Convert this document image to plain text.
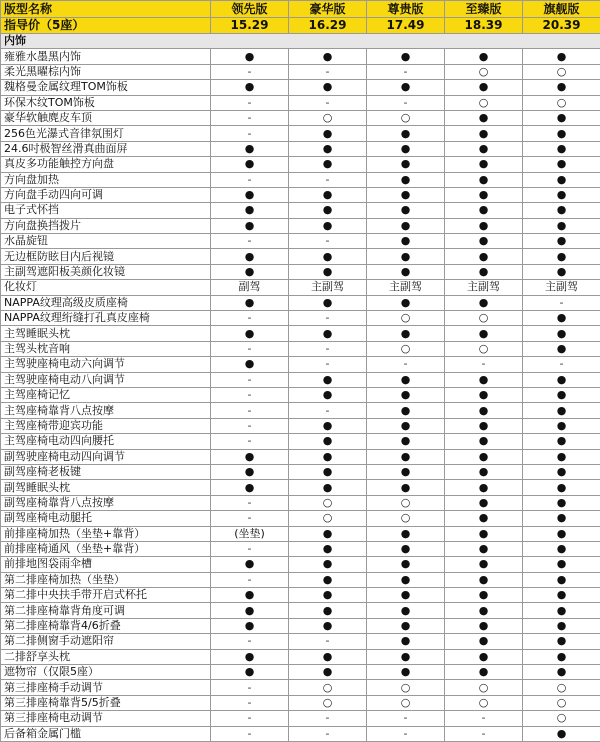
版型名称	领先版	豪华版	尊贵版	至臻版	旗舰版
指导价（5座）	15.29	16.29	17.49	18.39	20.39
内饰					
雍雅水墨黑内饰	●	●	●	●	●
柔光黑曜棕内饰	-	-	-	○	○
魏格曼金属纹理TOM饰板	●	●	●	●	●
环保木纹TOM饰板	-	-	-	○	○
豪华软触麂皮车顶	-	○	○	●	●
256色光瀑式音律氛围灯	-	●	●	●	●
24.6吋极智丝滑真曲面屏	●	●	●	●	●
真皮多功能触控方向盘	●	●	●	●	●
方向盘加热	-	-	●	●	●
方向盘手动四向可调	●	●	●	●	●
电子式怀挡	●	●	●	●	●
方向盘换挡拨片	●	●	●	●	●
水晶旋钮	-	-	●	●	●
无边框防眩目内后视镜	●	●	●	●	●
主副驾遮阳板美颜化妆镜	●	●	●	●	●
化妆灯	副驾	主副驾	主副驾	主副驾	主副驾
NAPPA纹理高级皮质座椅	●	●	●	●	-
NAPPA纹理绗缝打孔真皮座椅	-	-	○	○	●
主驾睡眠头枕	●	●	●	●	●
主驾头枕音响	-	-	○	○	●
主驾驶座椅电动六向调节	●	-	-	-	-
主驾驶座椅电动八向调节	-	●	●	●	●
主驾座椅记忆	-	●	●	●	●
主驾座椅靠背八点按摩	-	-	●	●	●
主驾座椅带迎宾功能	-	●	●	●	●
主驾座椅电动四向腰托	-	●	●	●	●
副驾驶座椅电动四向调节	●	●	●	●	●
副驾座椅老板键	●	●	●	●	●
副驾睡眠头枕	●	●	●	●	●
副驾座椅靠背八点按摩	-	○	○	●	●
副驾座椅电动腿托	-	○	○	●	●
前排座椅加热（坐垫+靠背）	(坐垫)	●	●	●	●
前排座椅通风（坐垫+靠背）	-	●	●	●	●
前排地图袋雨伞槽	●	●	●	●	●
第二排座椅加热（坐垫）	-	●	●	●	●
第二排中央扶手带开启式杯托	●	●	●	●	●
第二排座椅靠背角度可调	●	●	●	●	●
第二排座椅靠背4/6折叠	●	●	●	●	●
第二排侧窗手动遮阳帘	-	-	●	●	●
二排舒享头枕	●	●	●	●	●
遮物帘（仅限5座）	●	●	●	●	●
第三排座椅手动调节	-	○	○	○	○
第三排座椅靠背5/5折叠	-	○	○	○	○
第三排座椅电动调节	-	-	-	-	○
后备箱金属门槛	-	-	-	-	●
